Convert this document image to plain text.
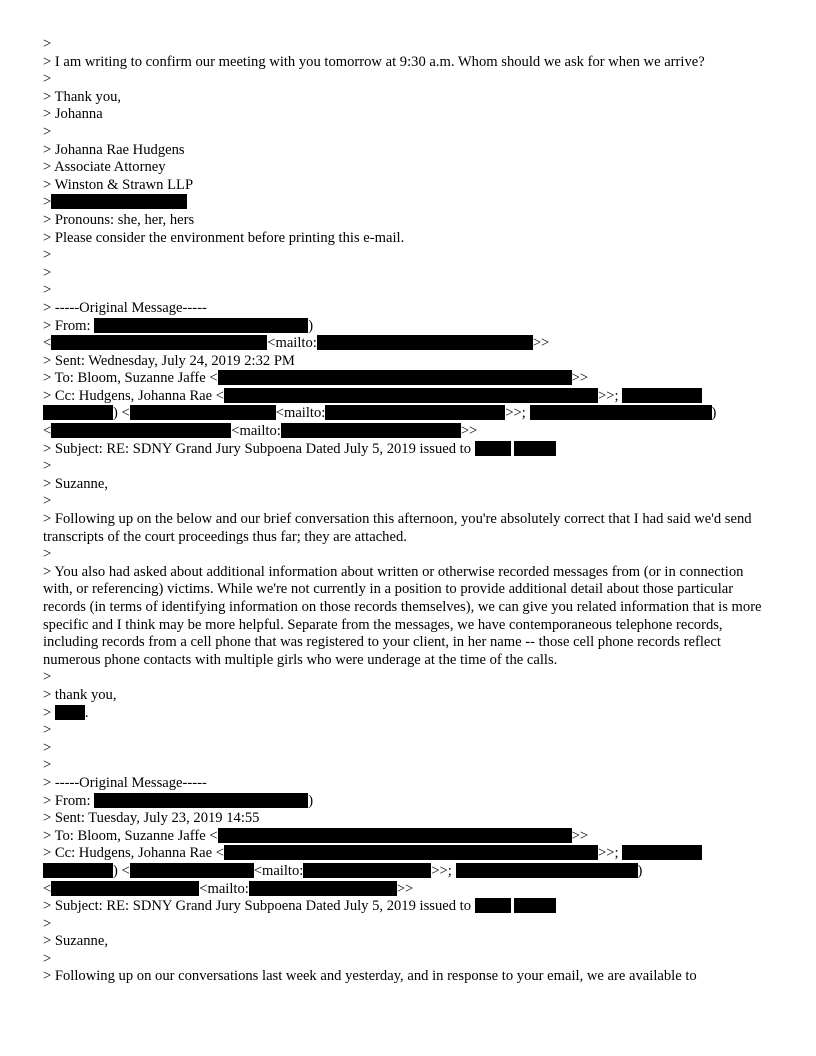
>
> I am writing to confirm our meeting with you tomorrow at 9:30 a.m. Whom should we ask for when we arrive?
>
> Thank you,
> Johanna
>
> Johanna Rae Hudgens
> Associate Attorney
> Winston & Strawn LLP
>
> Pronouns: she, her, hers
> Please consider the environment before printing this e-mail.
>
>
>
> -----Original Message-----
> From:	)
<	<mailto:	>>
> Sent: Wednesday, July 24, 2019 2:32 PM
> To: Bloom, Suzanne Jaffe <	>>
> Cc: Hudgens, Johanna Rae <	>>;
) <	<mailto:	>>;	)
<	<mailto:	>>
> Subject: RE: SDNY Grand Jury Subpoena Dated July 5, 2019 issued to
>
> Suzanne,
>
> Following up on the below and our brief conversation this afternoon, you're absolutely correct that I had said we'd send transcripts of the court proceedings thus far; they are attached.
>
> You also had asked about additional information about written or otherwise recorded messages from (or in connection with, or referencing) victims. While we're not currently in a position to provide additional detail about those particular records (in terms of identifying information on those records themselves), we can give you related information that is more specific and I think may be more helpful. Separate from the messages, we have contemporaneous telephone records, including records from a cell phone that was registered to your client, in her name -- those cell phone records reflect numerous phone contacts with multiple girls who were underage at the time of the calls.
>
> thank you,
> .
>
>
>
> -----Original Message-----
> From:	)
> Sent: Tuesday, July 23, 2019 14:55
> To: Bloom, Suzanne Jaffe <	>>
> Cc: Hudgens, Johanna Rae <	>>;
) <	<mailto:	>>;	)
<	<mailto:	>>
> Subject: RE: SDNY Grand Jury Subpoena Dated July 5, 2019 issued to
>
> Suzanne,
>
> Following up on our conversations last week and yesterday, and in response to your email, we are available to
